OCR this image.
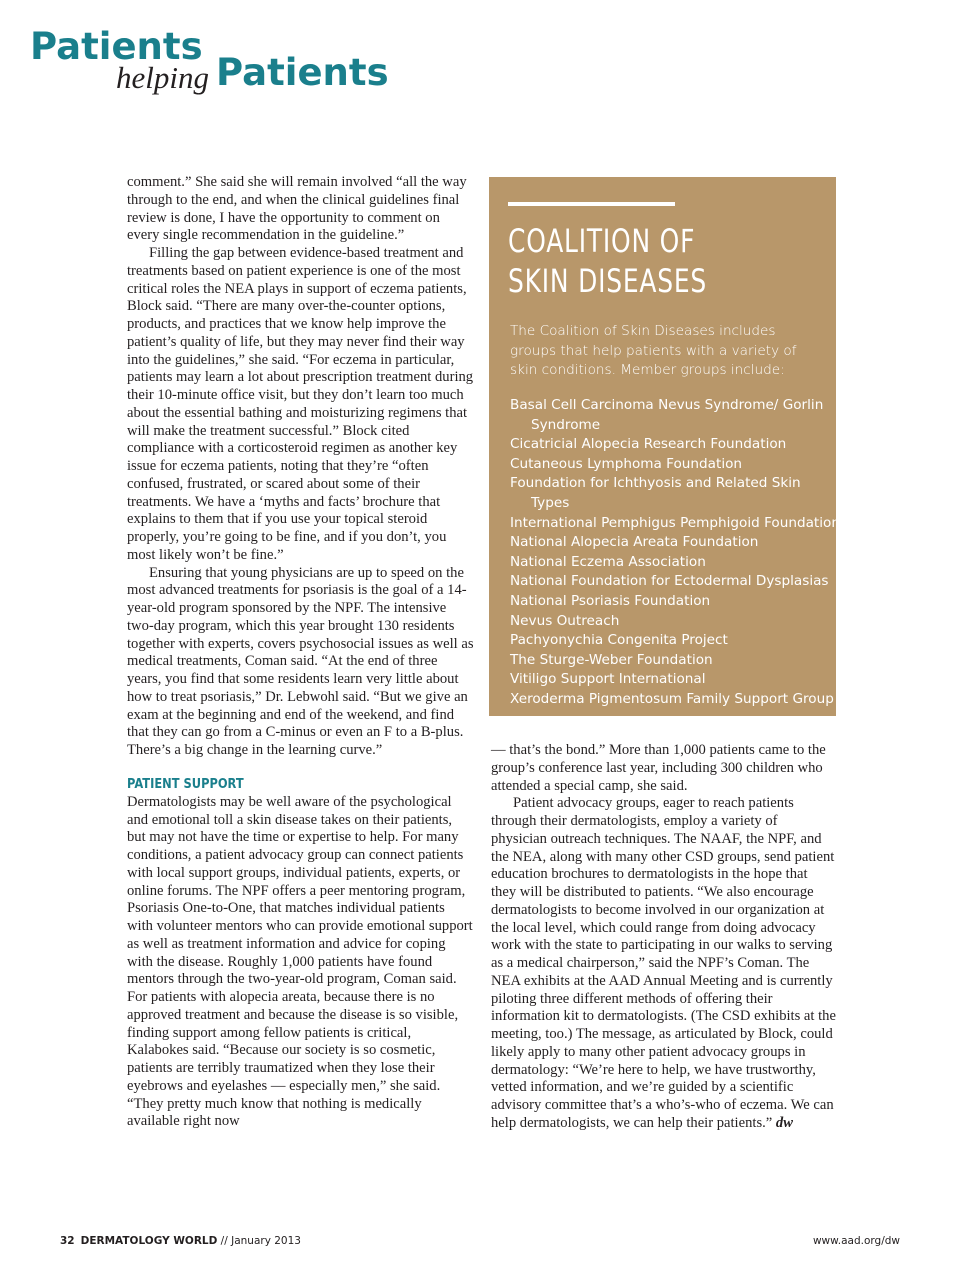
Patients
helping Patients

comment.” She said she will remain involved “all the way through to the end, and when the clinical guidelines final review is done, I have the opportunity to comment on every single recommendation in the guideline.”

Filling the gap between evidence-based treatment and treatments based on patient experience is one of the most critical roles the NEA plays in support of eczema patients, Block said. “There are many over-the-counter options, products, and practices that we know help improve the patient’s quality of life, but they may never find their way into the guidelines,” she said. “For eczema in particular, patients may learn a lot about prescription treatment during their 10-minute office visit, but they don’t learn too much about the essential bathing and moisturizing regimens that will make the treatment successful.” Block cited compliance with a corticosteroid regimen as another key issue for eczema patients, noting that they’re “often confused, frustrated, or scared about some of their treatments. We have a ‘myths and facts’ brochure that explains to them that if you use your topical steroid properly, you’re going to be fine, and if you don’t, you most likely won’t be fine.”

Ensuring that young physicians are up to speed on the most advanced treatments for psoriasis is the goal of a 14-year-old program sponsored by the NPF. The intensive two-day program, which this year brought 130 residents together with experts, covers psychosocial issues as well as medical treatments, Coman said. “At the end of three years, you find that some residents learn very little about how to treat psoriasis,” Dr. Lebwohl said. “But we give an exam at the beginning and end of the weekend, and find that they can go from a C-minus or even an F to a B-plus. There’s a big change in the learning curve.”

PATIENT SUPPORT

Dermatologists may be well aware of the psychological and emotional toll a skin disease takes on their patients, but may not have the time or expertise to help. For many conditions, a patient advocacy group can connect patients with local support groups, individual patients, experts, or online forums. The NPF offers a peer mentoring program, Psoriasis One-to-One, that matches individual patients with volunteer mentors who can provide emotional support as well as treatment information and advice for coping with the disease. Roughly 1,000 patients have found mentors through the two-year-old program, Coman said. For patients with alopecia areata, because there is no approved treatment and because the disease is so visible, finding support among fellow patients is critical, Kalabokes said. “Because our society is so cosmetic, patients are terribly traumatized when they lose their eyebrows and eyelashes — especially men,” she said. “They pretty much know that nothing is medically available right now

COALITION OF
SKIN DISEASES
The Coalition of Skin Diseases includes groups that help patients with a variety of skin conditions. Member groups include:
Basal Cell Carcinoma Nevus Syndrome/ Gorlin Syndrome
Cicatricial Alopecia Research Foundation
Cutaneous Lymphoma Foundation
Foundation for Ichthyosis and Related Skin Types
International Pemphigus Pemphigoid Foundation
National Alopecia Areata Foundation
National Eczema Association
National Foundation for Ectodermal Dysplasias
National Psoriasis Foundation
Nevus Outreach
Pachyonychia Congenita Project
The Sturge-Weber Foundation
Vitiligo Support International
Xeroderma Pigmentosum Family Support Group

— that’s the bond.” More than 1,000 patients came to the group’s conference last year, including 300 children who attended a special camp, she said.

Patient advocacy groups, eager to reach patients through their dermatologists, employ a variety of physician outreach techniques. The NAAF, the NPF, and the NEA, along with many other CSD groups, send patient education brochures to dermatologists in the hope that they will be distributed to patients. “We also encourage dermatologists to become involved in our organization at the local level, which could range from doing advocacy work with the state to participating in our walks to serving as a medical chairperson,” said the NPF’s Coman. The NEA exhibits at the AAD Annual Meeting and is currently piloting three different methods of offering their information kit to dermatologists. (The CSD exhibits at the meeting, too.) The message, as articulated by Block, could likely apply to many other patient advocacy groups in dermatology: “We’re here to help, we have trustworthy, vetted information, and we’re guided by a scientific advisory committee that’s a who’s-who of eczema. We can help dermatologists, we can help their patients.” dw

32 DERMATOLOGY WORLD // January 2013	www.aad.org/dw
